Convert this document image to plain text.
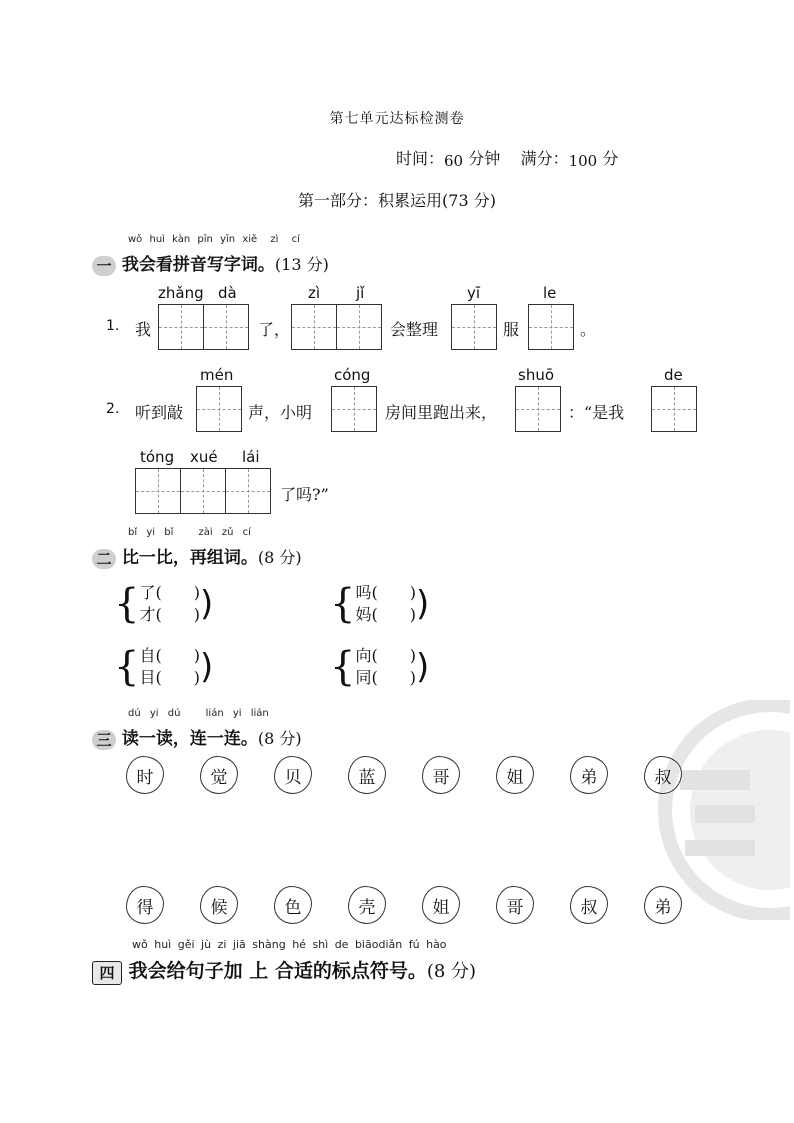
第七单元达标检测卷
时间：60 分钟 满分：100 分
第一部分：积累运用(73 分)
wǒ huì kàn pīn yīn xiě zì cí
一 我会看拼音写字词。(13 分)
zhǎng dà	zì jǐ	yī	le
1. 我	了，	会整理	服	。
mén	cóng	shuō	de
2. 听到敲	声，小明	房间里跑出来，	：“是我
tóng xué lái
了吗?”
bǐ yi bǐ	zài zǔ cí
二 比一比，再组词。(8 分)
{ 了(　　)
才(　　) )	{ 吗(　　)
妈(　　) )
{ 自(　　)
目(　　) )	{ 向(　　)
同(　　) )
dú yi dú	lián yi lián
三 读一读，连一连。(8 分)
时	觉	贝	蓝	哥	姐	弟	叔
得	候	色	壳	姐	哥	叔	弟
wǒ huì gěi jù zi jiā shàng hé shì de biāodiǎn fú hào
四 我会给句子加 上 合适的标点符号。(8 分)
